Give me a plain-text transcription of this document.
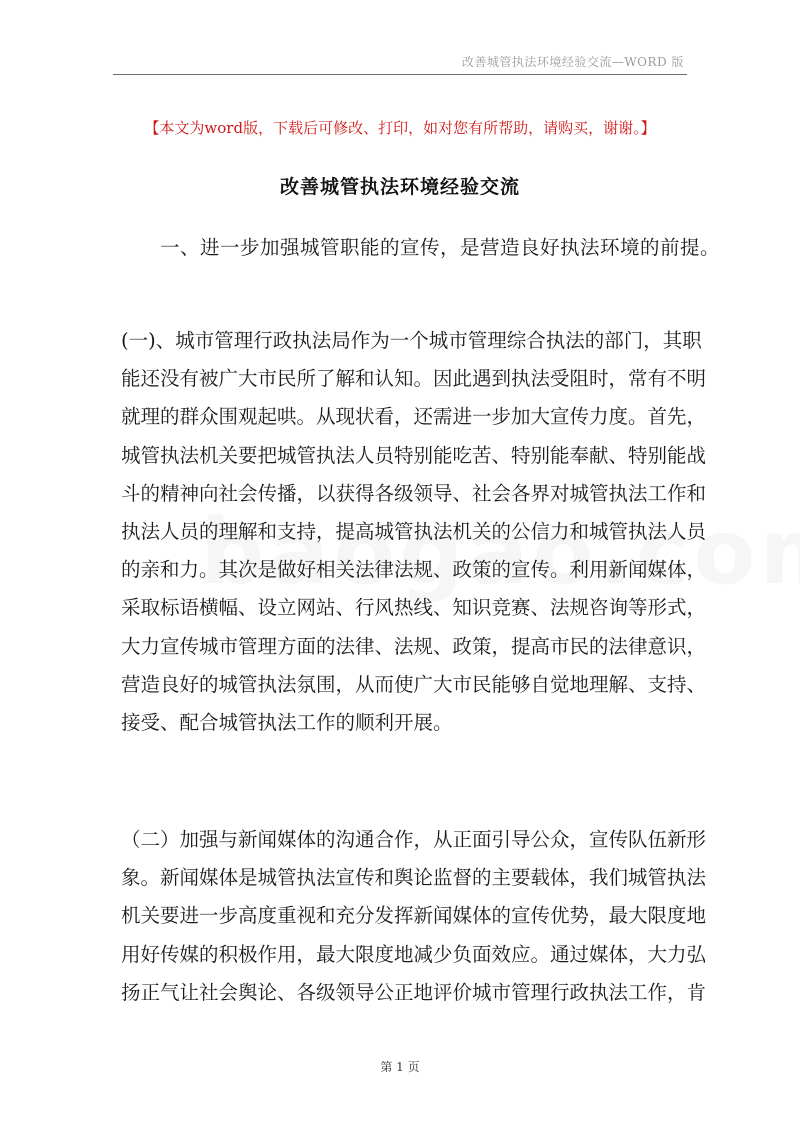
改善城管执法环境经验交流—WORD 版
【本文为word版，下载后可修改、打印，如对您有所帮助，请购买，谢谢。】
改善城管执法环境经验交流
一、进一步加强城管职能的宣传，是营造良好执法环境的前提。
(一)、城市管理行政执法局作为一个城市管理综合执法的部门，其职
能还没有被广大市民所了解和认知。因此遇到执法受阻时，常有不明
就理的群众围观起哄。从现状看，还需进一步加大宣传力度。首先，
城管执法机关要把城管执法人员特别能吃苦、特别能奉献、特别能战
斗的精神向社会传播，以获得各级领导、社会各界对城管执法工作和
执法人员的理解和支持，提高城管执法机关的公信力和城管执法人员
的亲和力。其次是做好相关法律法规、政策的宣传。利用新闻媒体，
采取标语横幅、设立网站、行风热线、知识竞赛、法规咨询等形式，
大力宣传城市管理方面的法律、法规、政策，提高市民的法律意识，
营造良好的城管执法氛围，从而使广大市民能够自觉地理解、支持、
接受、配合城管执法工作的顺利开展。
（二）加强与新闻媒体的沟通合作，从正面引导公众，宣传队伍新形
象。新闻媒体是城管执法宣传和舆论监督的主要载体，我们城管执法
机关要进一步高度重视和充分发挥新闻媒体的宣传优势，最大限度地
用好传媒的积极作用，最大限度地减少负面效应。通过媒体，大力弘
扬正气让社会舆论、各级领导公正地评价城市管理行政执法工作，肯
第 1 页
